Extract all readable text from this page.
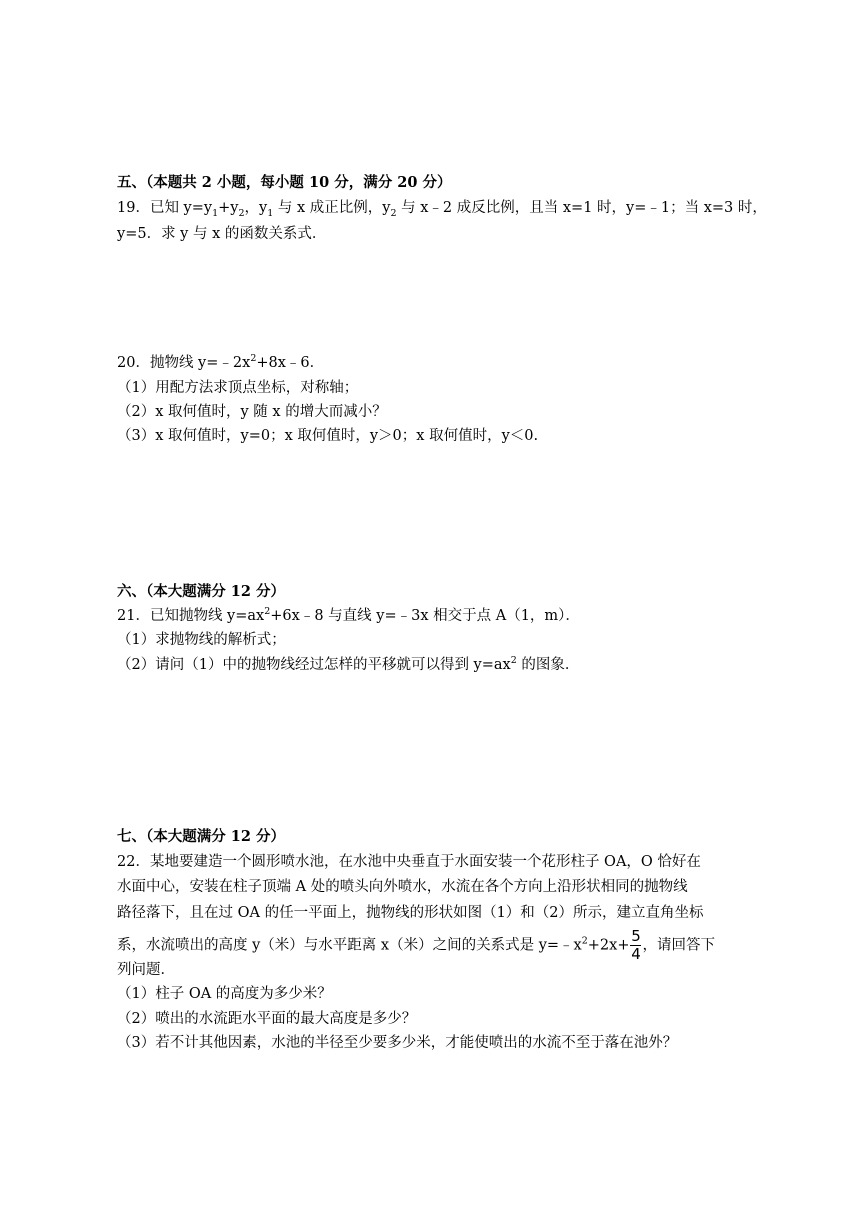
五、（本题共 2 小题，每小题 10 分，满分 20 分）
19．已知 $y=y_1+y_2$，$y_1$ 与 x 成正比例，$y_2$ 与 x﹣2 成反比例，且当 x=1 时，y=﹣1；当 x=3 时，
y=5．求 y 与 x 的函数关系式．
20．抛物线 $y=﹣2x^2+8x﹣6$．
（1）用配方法求顶点坐标，对称轴；
（2）x 取何值时，y 随 x 的增大而减小？
（3）x 取何值时，y=0；x 取何值时，y＞0；x 取何值时，y＜0.
六、（本大题满分 12 分）
21．已知抛物线 $y=ax^2+6x﹣8$ 与直线 y=﹣3x 相交于点 A（1，m）．
（1）求抛物线的解析式；
（2）请问（1）中的抛物线经过怎样的平移就可以得到 $y=ax^2$ 的图象．
七、（本大题满分 12 分）
22．某地要建造一个圆形喷水池，在水池中央垂直于水面安装一个花形柱子 OA，O 恰好在
水面中心，安装在柱子顶端 A 处的喷头向外喷水，水流在各个方向上沿形状相同的抛物线
路径落下，且在过 OA 的任一平面上，抛物线的形状如图（1）和（2）所示，建立直角坐标
系，水流喷出的高度 y（米）与水平距离 x（米）之间的关系式是 $y=﹣x^2+2x+ \frac{5}{4}$ ，请回答下
列问题．
（1）柱子 OA 的高度为多少米？
（2）喷出的水流距水平面的最大高度是多少？
（3）若不计其他因素，水池的半径至少要多少米，才能使喷出的水流不至于落在池外？
